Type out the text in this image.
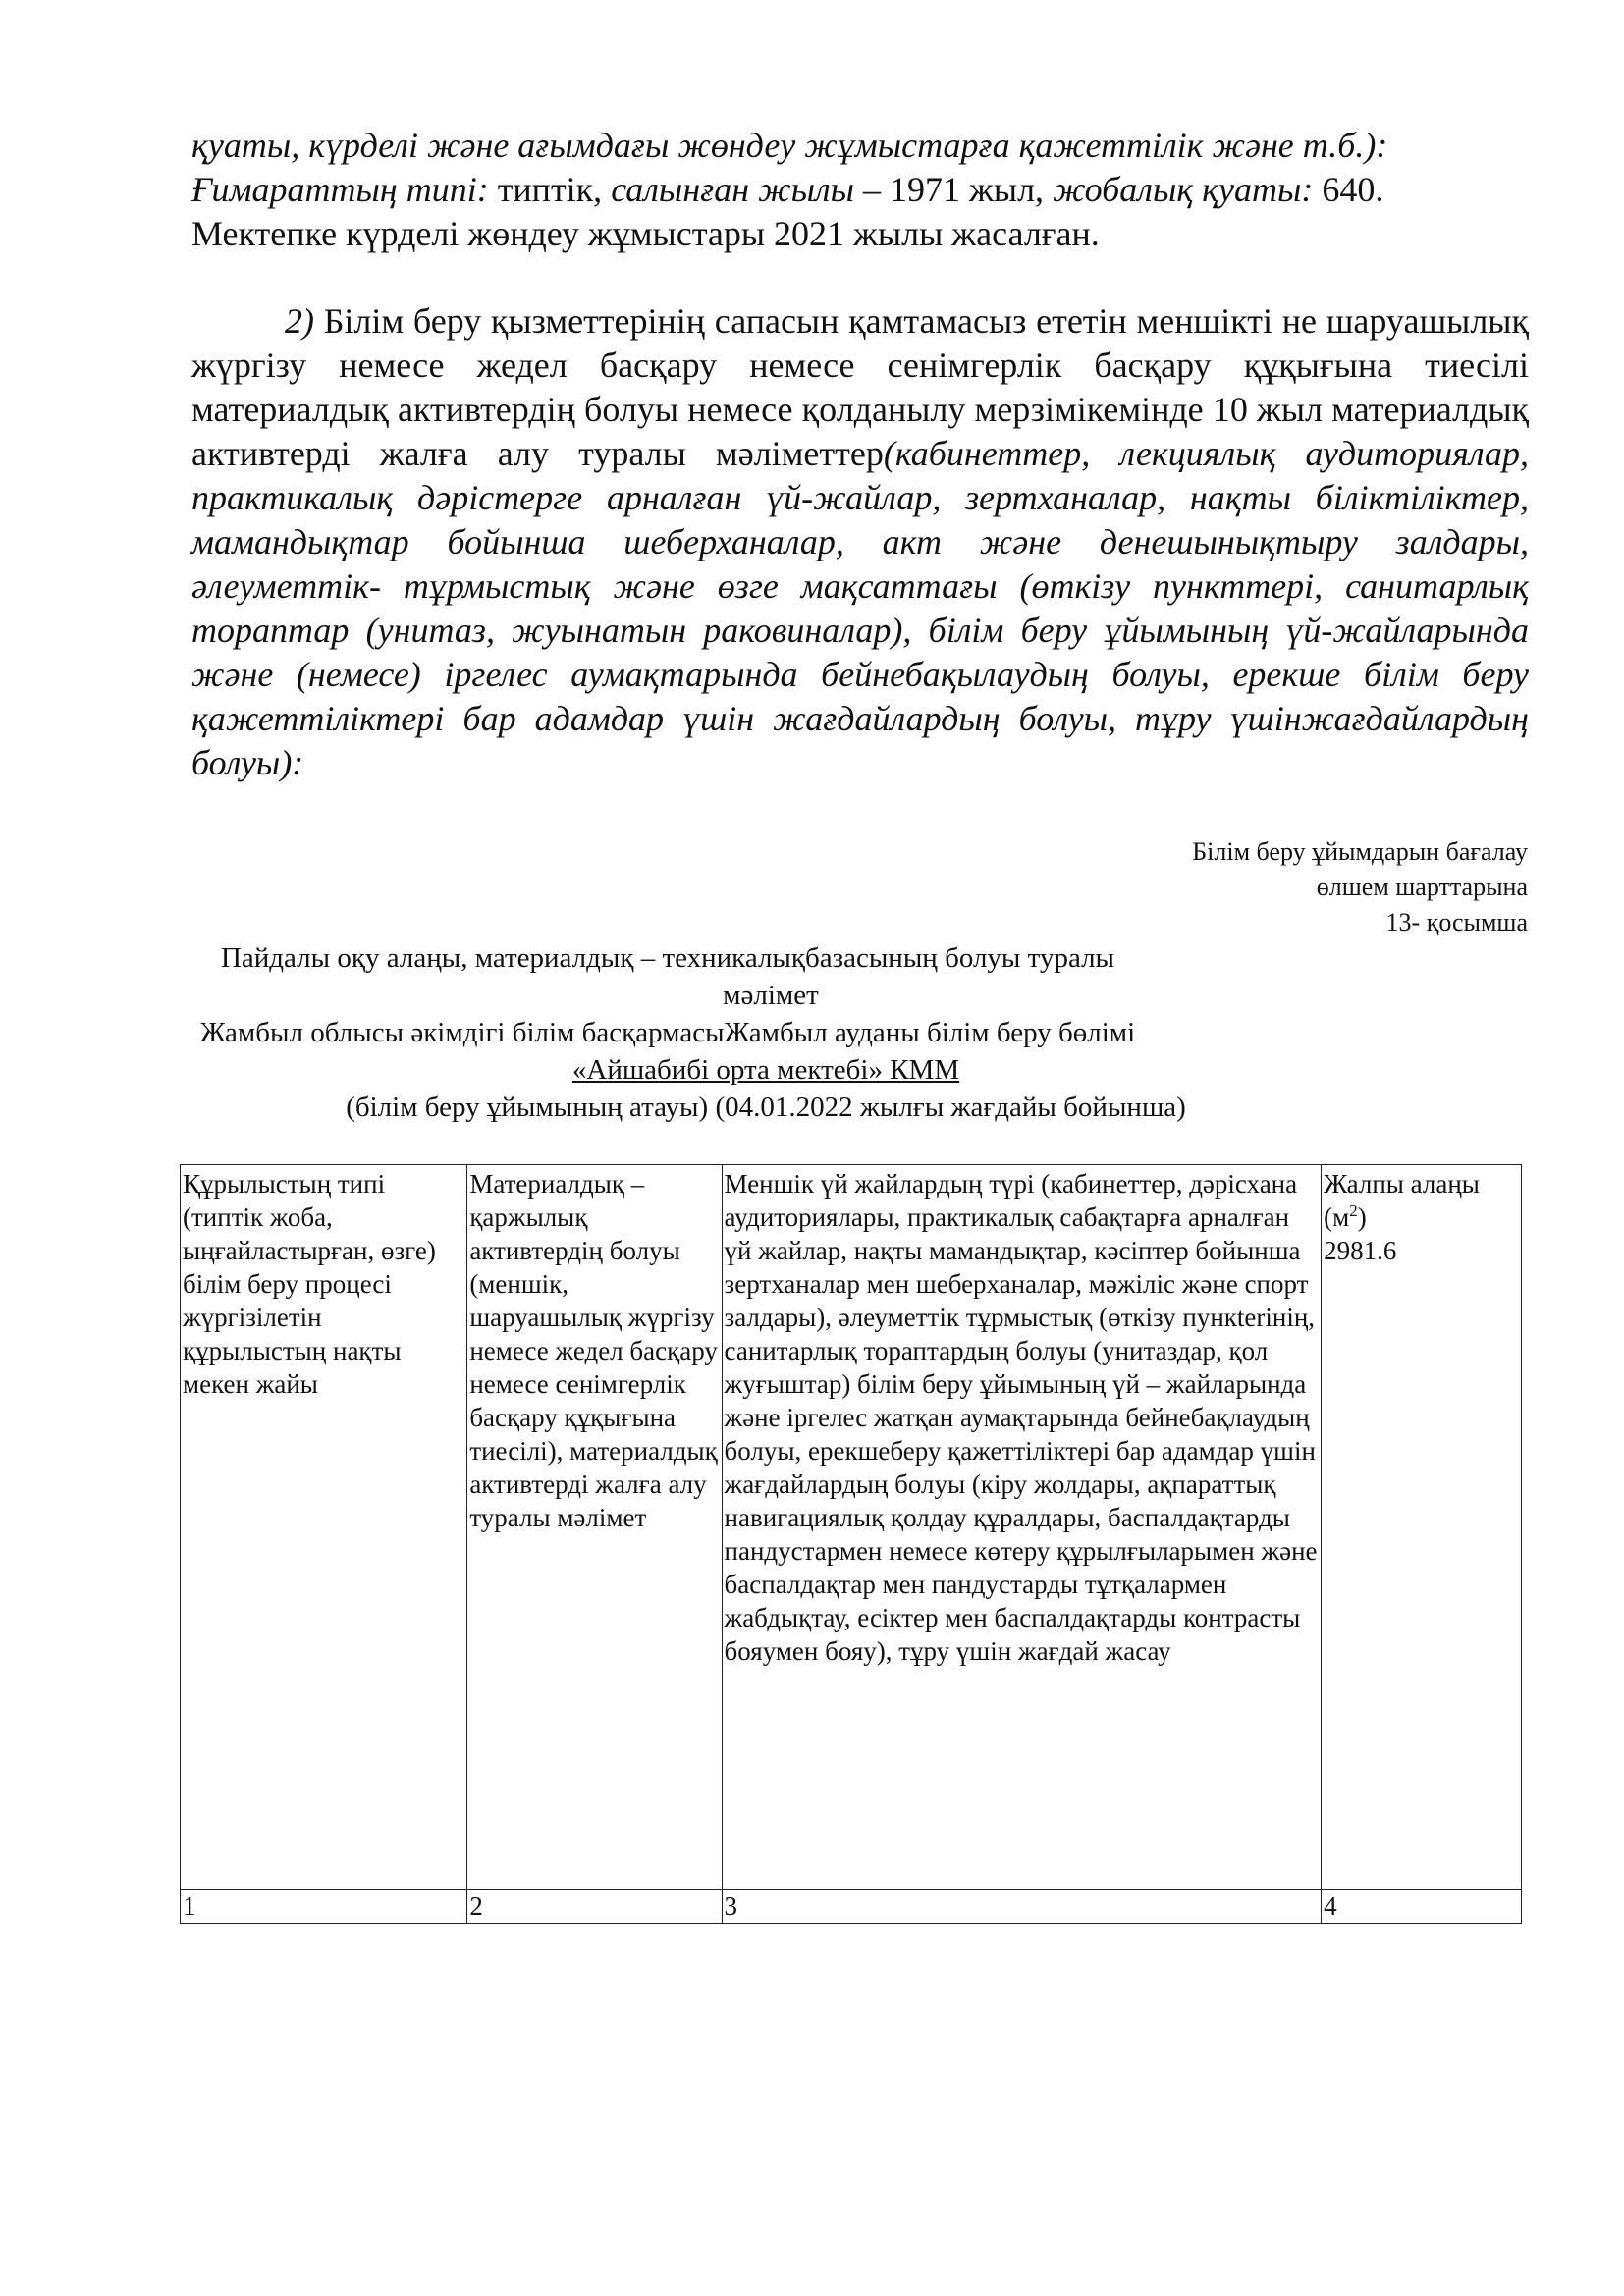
қуаты, күрделі және ағымдағы жөндеу жұмыстарға қажеттілік және т.б.):
Ғимараттың типі: типтік, салынған жылы – 1971 жыл, жобалық қуаты: 640.
Мектепке күрделі жөндеу жұмыстары 2021 жылы жасалған.
2) Білім беру қызметтерінің сапасын қамтамасыз ететін меншікті не шаруашылық жүргізу немесе жедел басқару немесе сенімгерлік басқару құқығына тиесілі материалдық активтердің болуы немесе қолданылу мерзімікемінде 10 жыл материалдық активтерді жалға алу туралы мәліметтер(кабинеттер, лекциялық аудиториялар, практикалық дәрістерге арналған үй-жайлар, зертханалар, нақты біліктіліктер, мамандықтар бойынша шеберханалар, акт және денешынықтыру залдары, әлеуметтік- тұрмыстық және өзге мақсаттағы (өткізу пункттері, санитарлық тораптар (унитаз, жуынатын раковиналар), білім беру ұйымының үй-жайларында және (немесе) іргелес аумақтарында бейнебақылаудың болуы, ерекше білім беру қажеттіліктері бар адамдар үшін жағдайлардың болуы, тұру үшінжағдайлардың болуы):
Білім беру ұйымдарын бағалау
өлшем шарттарына
13- қосымша
Пайдалы оқу алаңы, материалдық – техникалықбазасының болуы туралы
мәлімет
Жамбыл облысы әкімдігі білім басқармасыЖамбыл ауданы білім беру бөлімі
«Айшабибі орта мектебі» КММ
(білім беру ұйымының атауы) (04.01.2022 жылғы жағдайы бойынша)
Құрылыстың типі (типтік жоба, ыңғайластырған, өзге) білім беру процесі жүргізілетін құрылыстың нақты мекен жайы	Материалдық – қаржылық активтердің болуы (меншік, шаруашылық жүргізу немесе жедел басқару немесе сенімгерлік басқару құқығына тиесілі), материалдық активтерді жалға алу туралы мәлімет	Меншік үй жайлардың түрі (кабинеттер, дәрісхана аудиториялары, практикалық сабақтарға арналған үй жайлар, нақты мамандықтар, кәсіптер бойынша зертханалар мен шеберханалар, мәжіліс және спорт залдары), әлеуметтік тұрмыстық (өткізу пункterінің, санитарлық тораптардың болуы (унитаздар, қол жуғыштар) білім беру ұйымының үй – жайларында және іргелес жатқан аумақтарында бейнебақлаудың болуы, ерекшеберу қажеттіліктері бар адамдар үшін жағдайлардың болуы (кіру жолдары, ақпараттық навигациялық қолдау құралдары, баспалдақтарды пандустармен немесе көтеру құрылғыларымен және баспалдақтар мен пандустарды тұтқалармен жабдықтау, есіктер мен баспалдақтарды контрасты бояумен бояу), тұру үшін жағдай жасау	Жалпы алаңы $(м^2)$
2981.6
1	2	3	4
